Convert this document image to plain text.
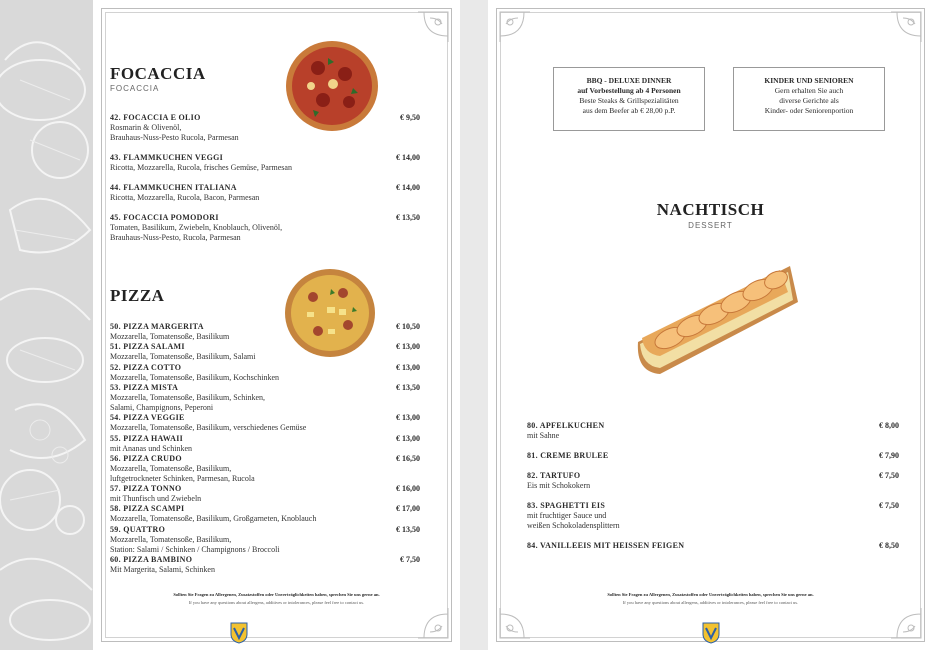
FOCACCIA
FOCACCIA
42. FOCACCIA E OLIO
Rosmarin & Olivenöl,
Brauhaus-Nuss-Pesto Rucola, Parmesan
€ 9,50
43. FLAMMKUCHEN VEGGI
Ricotta, Mozzarella, Rucola, frisches Gemüse, Parmesan
€ 14,00
44. FLAMMKUCHEN ITALIANA
Ricotta, Mozzarella, Rucola, Bacon, Parmesan
€ 14,00
45. FOCACCIA POMODORI
Tomaten, Basilikum, Zwiebeln, Knoblauch, Olivenöl,
Brauhaus-Nuss-Pesto, Rucola, Parmesan
€ 13,50
PIZZA
50. PIZZA MARGERITA
Mozzarella, Tomatensoße, Basilikum
€ 10,50
51. PIZZA SALAMI
Mozzarella, Tomatensoße, Basilikum, Salami
€ 13,00
52. PIZZA COTTO
Mozzarella, Tomatensoße, Basilikum, Kochschinken
€ 13,00
53. PIZZA MISTA
Mozzarella, Tomatensoße, Basilikum, Schinken,
Salami, Champignons, Peperoni
€ 13,50
54. PIZZA VEGGIE
Mozzarella, Tomatensoße, Basilikum, verschiedenes Gemüse
€ 13,00
55. PIZZA HAWAII
mit Ananas und Schinken
€ 13,00
56. PIZZA CRUDO
Mozzarella, Tomatensoße, Basilikum,
luftgetrockneter Schinken, Parmesan, Rucola
€ 16,50
57. PIZZA TONNO
mit Thunfisch und Zwiebeln
€ 16,00
58. PIZZA SCAMPI
Mozzarella, Tomatensoße, Basilikum, Großgarneten, Knoblauch
€ 17,00
59. QUATTRO
Mozzarella, Tomatensoße, Basilikum,
Station: Salami / Schinken / Champignons / Broccoli
€ 13,50
60. PIZZA BAMBINO
Mit Margerita, Salami, Schinken
€ 7,50
Sollten Sie Fragen zu Allergenen, Zusatzstoffen oder Unverträglichkeiten haben, sprechen Sie uns gerne an.
If you have any questions about allergens, additives or intolerances, please feel free to contact us.
BBQ - DELUXE DINNER
auf Vorbestellung ab 4 Personen
Beste Steaks & Grillspezialitäten
aus dem Beefer ab € 28,00 p.P.
KINDER UND SENIOREN
Gern erhalten Sie auch
diverse Gerichte als
Kinder- oder Seniorenportion
NACHTISCH
DESSERT
80. APFELKUCHEN
mit Sahne
€ 8,00
81. CREME BRULEE	€ 7,90
82. TARTUFO
Eis mit Schokokern
€ 7,50
83. SPAGHETTI EIS
mit fruchtiger Sauce und
weißen Schokoladensplittern
€ 7,50
84. VANILLEEIS MIT HEISSEN FEIGEN	€ 8,50
Sollten Sie Fragen zu Allergenen, Zusatzstoffen oder Unverträglichkeiten haben, sprechen Sie uns gerne an.
If you have any questions about allergens, additives or intolerances, please feel free to contact us.
